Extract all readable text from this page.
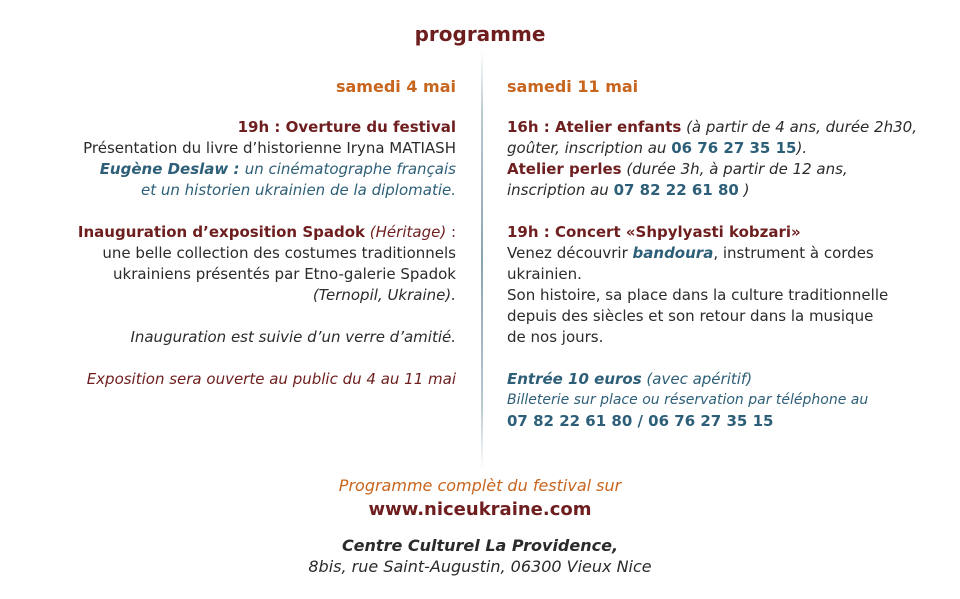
programme
samedi 4 mai
19h : Overture du festival
Présentation du livre d’historienne Iryna MATIASH
Eugène Deslaw : un cinématographe français
et un historien ukrainien de la diplomatie.
Inauguration d’exposition Spadok (Héritage) :
une belle collection des costumes traditionnels
ukrainiens présentés par Etno-galerie Spadok
(Ternopil, Ukraine).
Inauguration est suivie d’un verre d’amitié.
Exposition sera ouverte au public du 4 au 11 mai
samedi 11 mai
16h : Atelier enfants (à partir de 4 ans, durée 2h30,
goûter, inscription au 06 76 27 35 15).
Atelier perles (durée 3h, à partir de 12 ans,
inscription au 07 82 22 61 80 )
19h : Concert «Shpylyasti kobzari»
Venez découvrir bandoura, instrument à cordes
ukrainien.
Son histoire, sa place dans la culture traditionnelle
depuis des siècles et son retour dans la musique
de nos jours.
Entrée 10 euros (avec apéritif)
Billeterie sur place ou réservation par téléphone au
07 82 22 61 80 / 06 76 27 35 15
Programme complèt du festival sur
www.niceukraine.com
Centre Culturel La Providence,
8bis, rue Saint-Augustin, 06300 Vieux Nice
